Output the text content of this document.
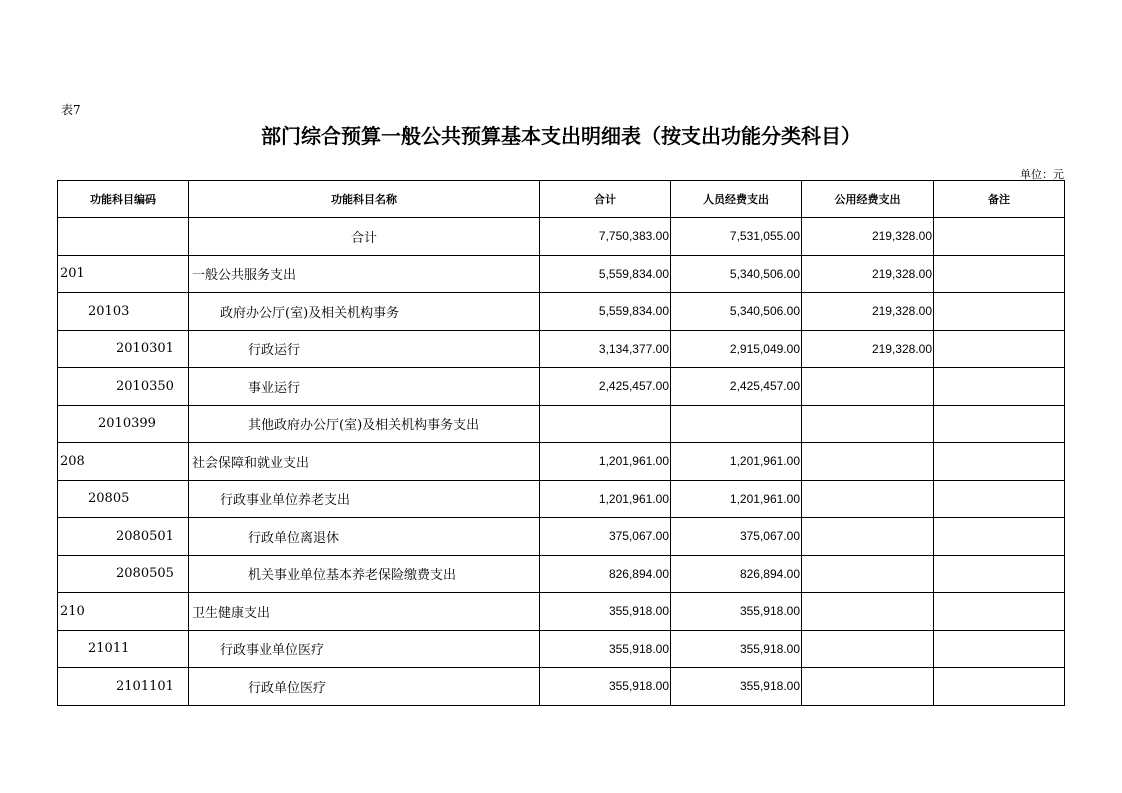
表7
部门综合预算一般公共预算基本支出明细表（按支出功能分类科目）
单位：元
功能科目编码	功能科目名称	合计	人员经费支出	公用经费支出	备注
	合计	7,750,383.00	7,531,055.00	219,328.00	
201	一般公共服务支出	5,559,834.00	5,340,506.00	219,328.00	
20103	政府办公厅(室)及相关机构事务	5,559,834.00	5,340,506.00	219,328.00	
2010301	行政运行	3,134,377.00	2,915,049.00	219,328.00	
2010350	事业运行	2,425,457.00	2,425,457.00		
2010399	其他政府办公厅(室)及相关机构事务支出				
208	社会保障和就业支出	1,201,961.00	1,201,961.00		
20805	行政事业单位养老支出	1,201,961.00	1,201,961.00		
2080501	行政单位离退休	375,067.00	375,067.00		
2080505	机关事业单位基本养老保险缴费支出	826,894.00	826,894.00		
210	卫生健康支出	355,918.00	355,918.00		
21011	行政事业单位医疗	355,918.00	355,918.00		
2101101	行政单位医疗	355,918.00	355,918.00		
